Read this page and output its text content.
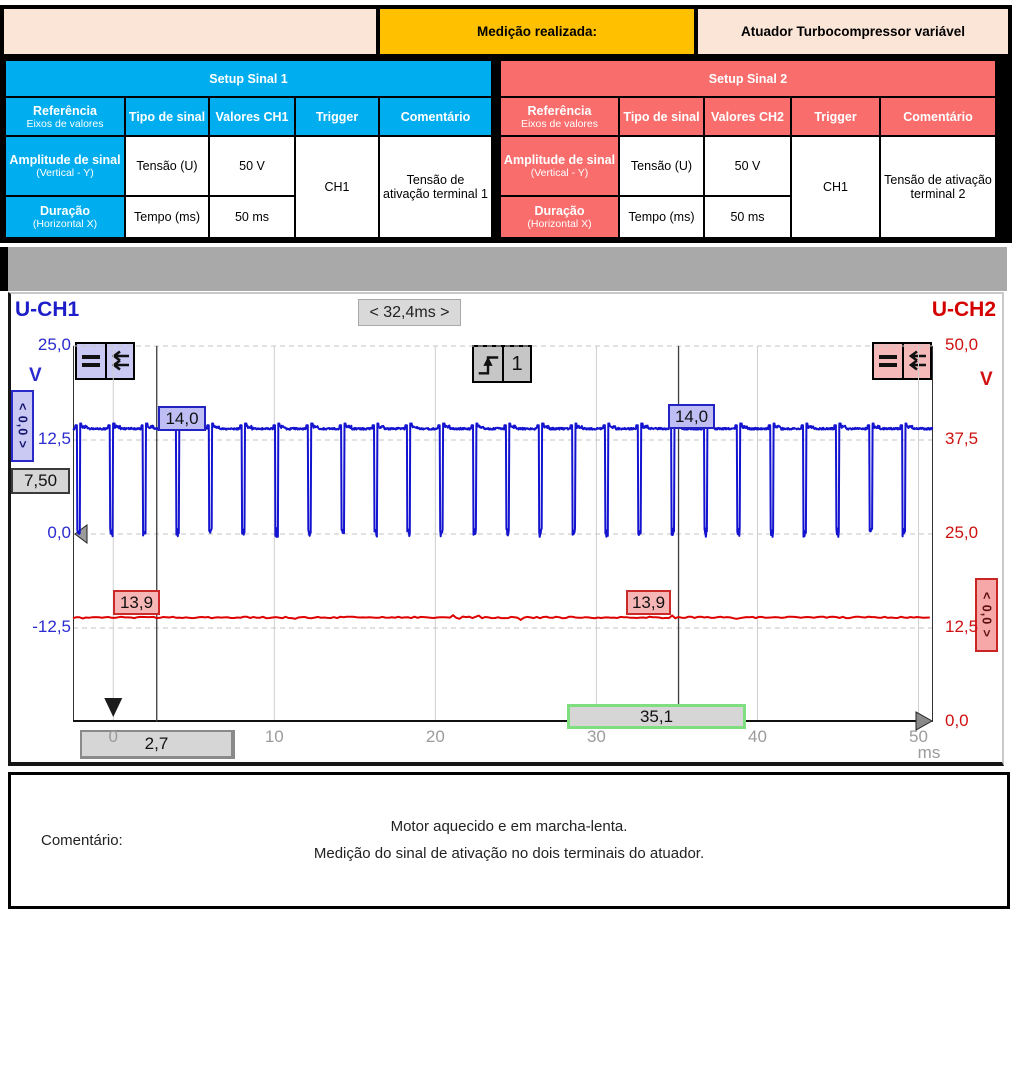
Medição realizada:	Atuador Turbocompressor variável
Setup Sinal 1				
Referência
Eixos de valores	Tipo de sinal	Valores CH1	Trigger	Comentário
Amplitude de sinal
(Vertical - Y)	Tensão (U)	50 V	CH1	Tensão de ativação terminal 1
Duração
(Horizontal X)	Tempo (ms)	50 ms		
Setup Sinal 2				
Referência
Eixos de valores	Tipo de sinal	Valores CH2	Trigger	Comentário
Amplitude de sinal
(Vertical - Y)	Tensão (U)	50 V	CH1	Tensão de ativação terminal 2
Duração
(Horizontal X)	Tempo (ms)	50 ms		
U-CH1	U-CH2
< 32,4ms >
1
V	V
< 0,0 >
< 0,0 >
7,50
14,0	14,0
13,9	13,9
2,7
35,1
ms
25,0
12,5
0,0
-12,5
50,0
37,5
25,0
12,5
0,0
0	10	20	30	40	50
Comentário:
Motor aquecido e em marcha-lenta.
Medição do sinal de ativação no dois terminais do atuador.
